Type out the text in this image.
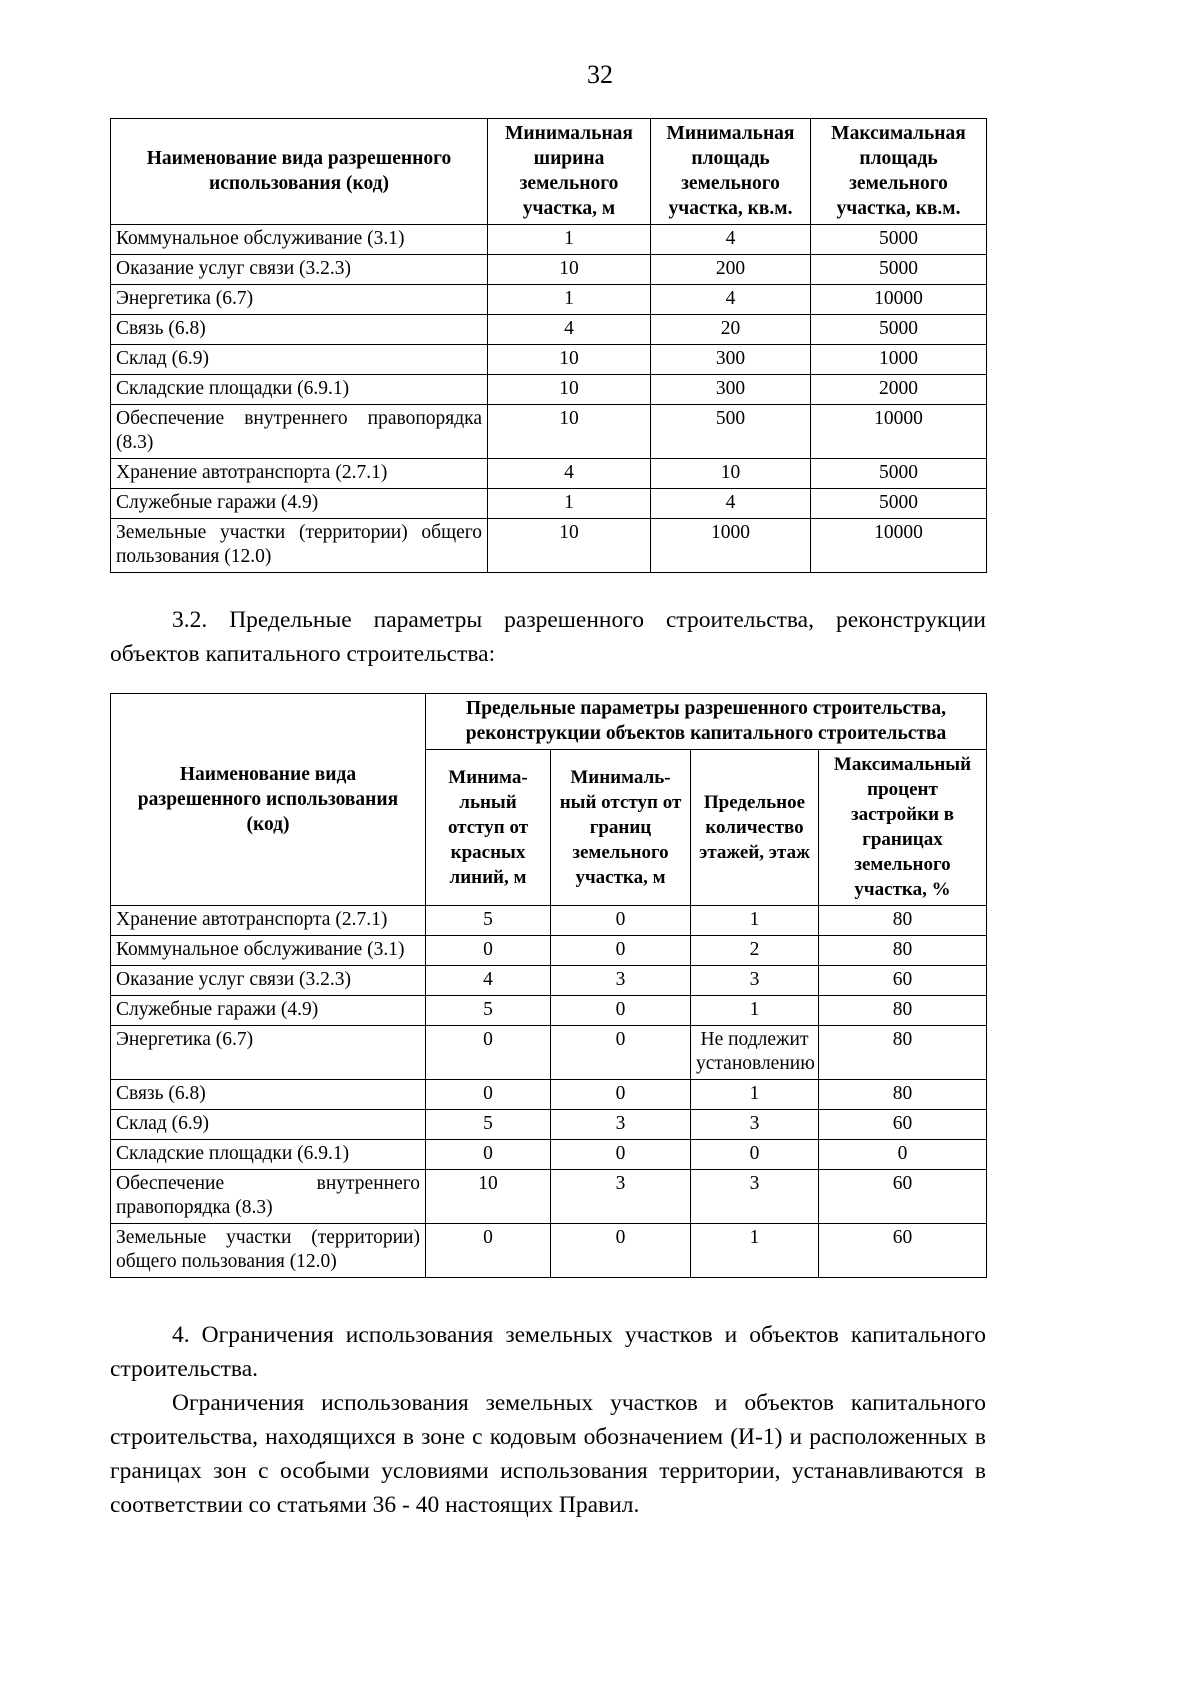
32
Наименование вида разрешенного использования (код)	Минимальная ширина земельного участка, м	Минимальная площадь земельного участка, кв.м.	Максимальная площадь земельного участка, кв.м.
Коммунальное обслуживание (3.1)	1	4	5000
Оказание услуг связи (3.2.3)	10	200	5000
Энергетика (6.7)	1	4	10000
Связь (6.8)	4	20	5000
Склад (6.9)	10	300	1000
Складские площадки (6.9.1)	10	300	2000
Обеспечение внутреннего правопорядка (8.3)	10	500	10000
Хранение автотранспорта (2.7.1)	4	10	5000
Служебные гаражи (4.9)	1	4	5000
Земельные участки (территории) общего пользования (12.0)	10	1000	10000

3.2. Предельные параметры разрешенного строительства, реконструкции объектов капитального строительства:

Наименование вида разрешенного использования (код)	Предельные параметры разрешенного строительства, реконструкции объектов капитального строительства			
	Минима-льный отступ от красных линий, м	Минималь-ный отступ от границ земельного участка, м	Предельное количество этажей, этаж	Максимальный процент застройки в границах земельного участка, %
Хранение автотранспорта (2.7.1)	5	0	1	80
Коммунальное обслуживание (3.1)	0	0	2	80
Оказание услуг связи (3.2.3)	4	3	3	60
Служебные гаражи (4.9)	5	0	1	80
Энергетика (6.7)	0	0	Не подлежит установлению	80
Связь (6.8)	0	0	1	80
Склад (6.9)	5	3	3	60
Складские площадки (6.9.1)	0	0	0	0
Обеспечение внутреннего правопорядка (8.3)	10	3	3	60
Земельные участки (территории) общего пользования (12.0)	0	0	1	60

4. Ограничения использования земельных участков и объектов капитального строительства.

Ограничения использования земельных участков и объектов капитального строительства, находящихся в зоне с кодовым обозначением (И-1) и расположенных в границах зон с особыми условиями использования территории, устанавливаются в соответствии со статьями 36 - 40 настоящих Правил.
